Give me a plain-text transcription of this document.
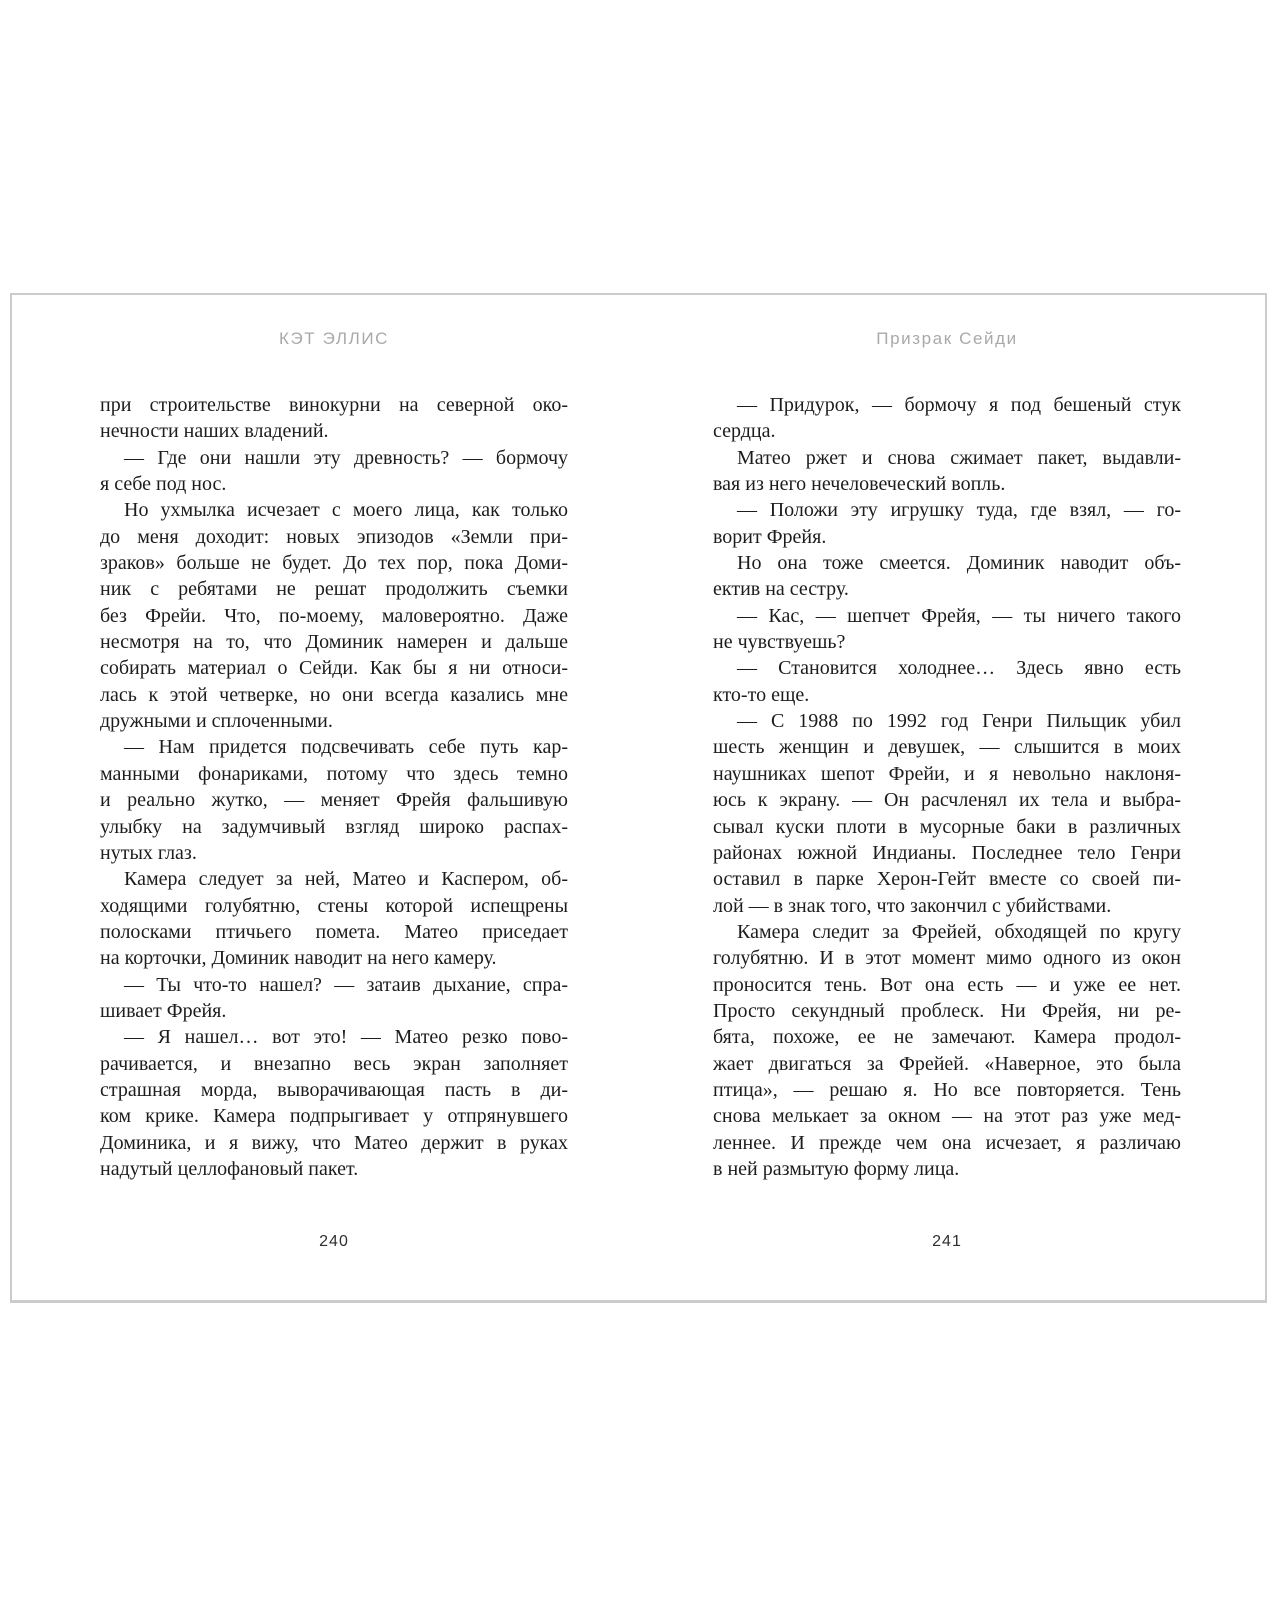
КЭТ ЭЛЛИС	Призрак Сейди
при строительстве винокурни на северной око-
нечности наших владений.
— Где они нашли эту древность? — бормочу
я себе под нос.
Но ухмылка исчезает с моего лица, как только
до меня доходит: новых эпизодов «Земли при-
зраков» больше не будет. До тех пор, пока Доми-
ник с ребятами не решат продолжить съемки
без Фрейи. Что, по-моему, маловероятно. Даже
несмотря на то, что Доминик намерен и дальше
собирать материал о Сейди. Как бы я ни относи-
лась к этой четверке, но они всегда казались мне
дружными и сплоченными.
— Нам придется подсвечивать себе путь кар-
манными фонариками, потому что здесь темно
и реально жутко, — меняет Фрейя фальшивую
улыбку на задумчивый взгляд широко распах-
нутых глаз.
Камера следует за ней, Матео и Каспером, об-
ходящими голубятню, стены которой испещрены
полосками птичьего помета. Матео приседает
на корточки, Доминик наводит на него камеру.
— Ты что-то нашел? — затаив дыхание, спра-
шивает Фрейя.
— Я нашел… вот это! — Матео резко пово-
рачивается, и внезапно весь экран заполняет
страшная морда, выворачивающая пасть в ди-
ком крике. Камера подпрыгивает у отпрянувшего
Доминика, и я вижу, что Матео держит в руках
надутый целлофановый пакет.
— Придурок, — бормочу я под бешеный стук
сердца.
Матео ржет и снова сжимает пакет, выдавли-
вая из него нечеловеческий вопль.
— Положи эту игрушку туда, где взял, — го-
ворит Фрейя.
Но она тоже смеется. Доминик наводит объ-
ектив на сестру.
— Кас, — шепчет Фрейя, — ты ничего такого
не чувствуешь?
— Становится холоднее… Здесь явно есть
кто-то еще.
— С 1988 по 1992 год Генри Пильщик убил
шесть женщин и девушек, — слышится в моих
наушниках шепот Фрейи, и я невольно наклоня-
юсь к экрану. — Он расчленял их тела и выбра-
сывал куски плоти в мусорные баки в различных
районах южной Индианы. Последнее тело Генри
оставил в парке Херон-Гейт вместе со своей пи-
лой — в знак того, что закончил с убийствами.
Камера следит за Фрейей, обходящей по кругу
голубятню. И в этот момент мимо одного из окон
проносится тень. Вот она есть — и уже ее нет.
Просто секундный проблеск. Ни Фрейя, ни ре-
бята, похоже, ее не замечают. Камера продол-
жает двигаться за Фрейей. «Наверное, это была
птица», — решаю я. Но все повторяется. Тень
снова мелькает за окном — на этот раз уже мед-
леннее. И прежде чем она исчезает, я различаю
в ней размытую форму лица.
240	241
